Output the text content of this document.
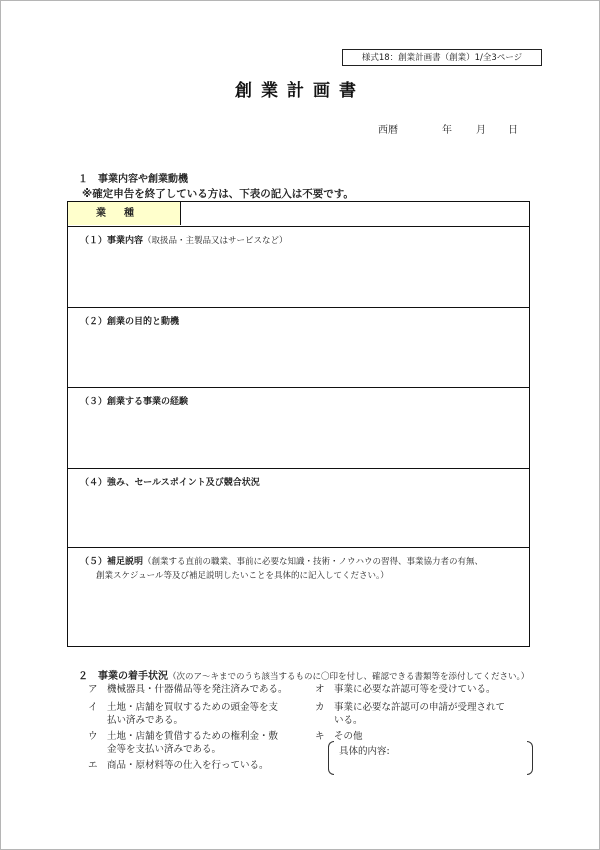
様式18：創業計画書（創業）1/全3ページ
創業計画書
西暦	年 月 日
１　事業内容や創業動機
※確定申告を終了している方は、下表の記入は不要です。
業種
（１）事業内容（取扱品・主製品又はサービスなど）
（２）創業の目的と動機
（３）創業する事業の経験
（４）強み、セールスポイント及び競合状況
（５）補足説明（創業する直前の職業、事前に必要な知識・技術・ノウハウの習得、事業協力者の有無、
創業スケジュール等及び補足説明したいことを具体的に記入してください。）
２　事業の着手状況（次のア～キまでのうち該当するものに〇印を付し、確認できる書類等を添付してください。）
ア 機械器具・什器備品等を発注済みである。
イ 土地・店舗を買収するための頭金等を支
払い済みである。
ウ 土地・店舗を賃借するための権利金・敷
金等を支払い済みである。
エ 商品・原材料等の仕入を行っている。
オ 事業に必要な許認可等を受けている。
カ 事業に必要な許認可の申請が受理されて
いる。
キ その他
具体的内容:
